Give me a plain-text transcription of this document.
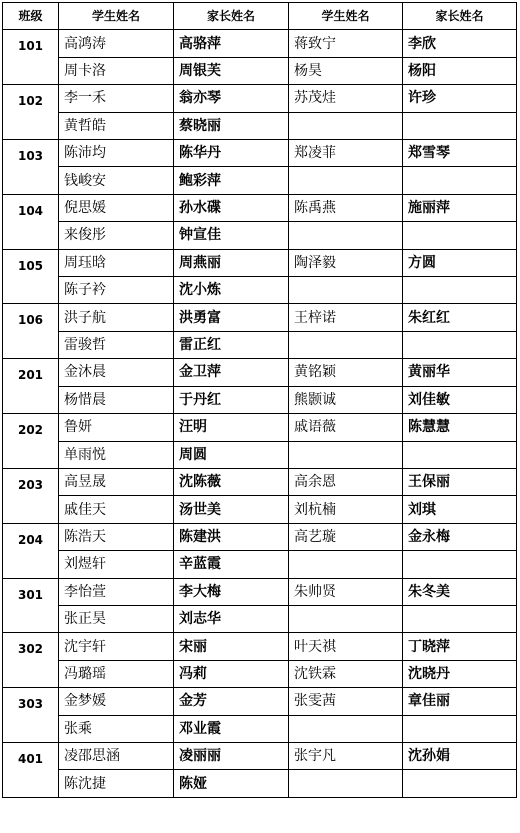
班级	学生姓名	家长姓名	学生姓名	家长姓名
101	高鸿涛	高骆萍	蒋致宁	李欣
	周卡洛	周银芙	杨昊	杨阳
102	李一禾	翁亦琴	苏茂烓	许珍
	黄哲皓	蔡晓丽		
103	陈沛均	陈华丹	郑凌菲	郑雪琴
	钱峻安	鲍彩萍		
104	倪思媛	孙水碟	陈禹燕	施丽萍
	来俊彤	钟宣佳		
105	周珏晗	周燕丽	陶泽毅	方圆
	陈子衿	沈小炼		
106	洪子航	洪勇富	王梓诺	朱红红
	雷骏哲	雷正红		
201	金沐晨	金卫萍	黄铭颖	黄丽华
	杨惜晨	于丹红	熊颢诚	刘佳敏
202	鲁妍	汪明	戚语薇	陈慧慧
	单雨悦	周圆		
203	高昱晟	沈陈薇	高余恩	王保丽
	戚佳天	汤世美	刘杭楠	刘琪
204	陈浩天	陈建洪	高艺璇	金永梅
	刘煜轩	辛蓝霞		
301	李怡萱	李大梅	朱帅贤	朱冬美
	张正昊	刘志华		
302	沈宇轩	宋丽	叶天祺	丁晓萍
	冯璐瑶	冯莉	沈铁霖	沈晓丹
303	金梦媛	金芳	张雯茜	章佳丽
	张乘	邓业霞		
401	凌邵思涵	凌丽丽	张宇凡	沈孙娟
	陈沈捷	陈娅		
